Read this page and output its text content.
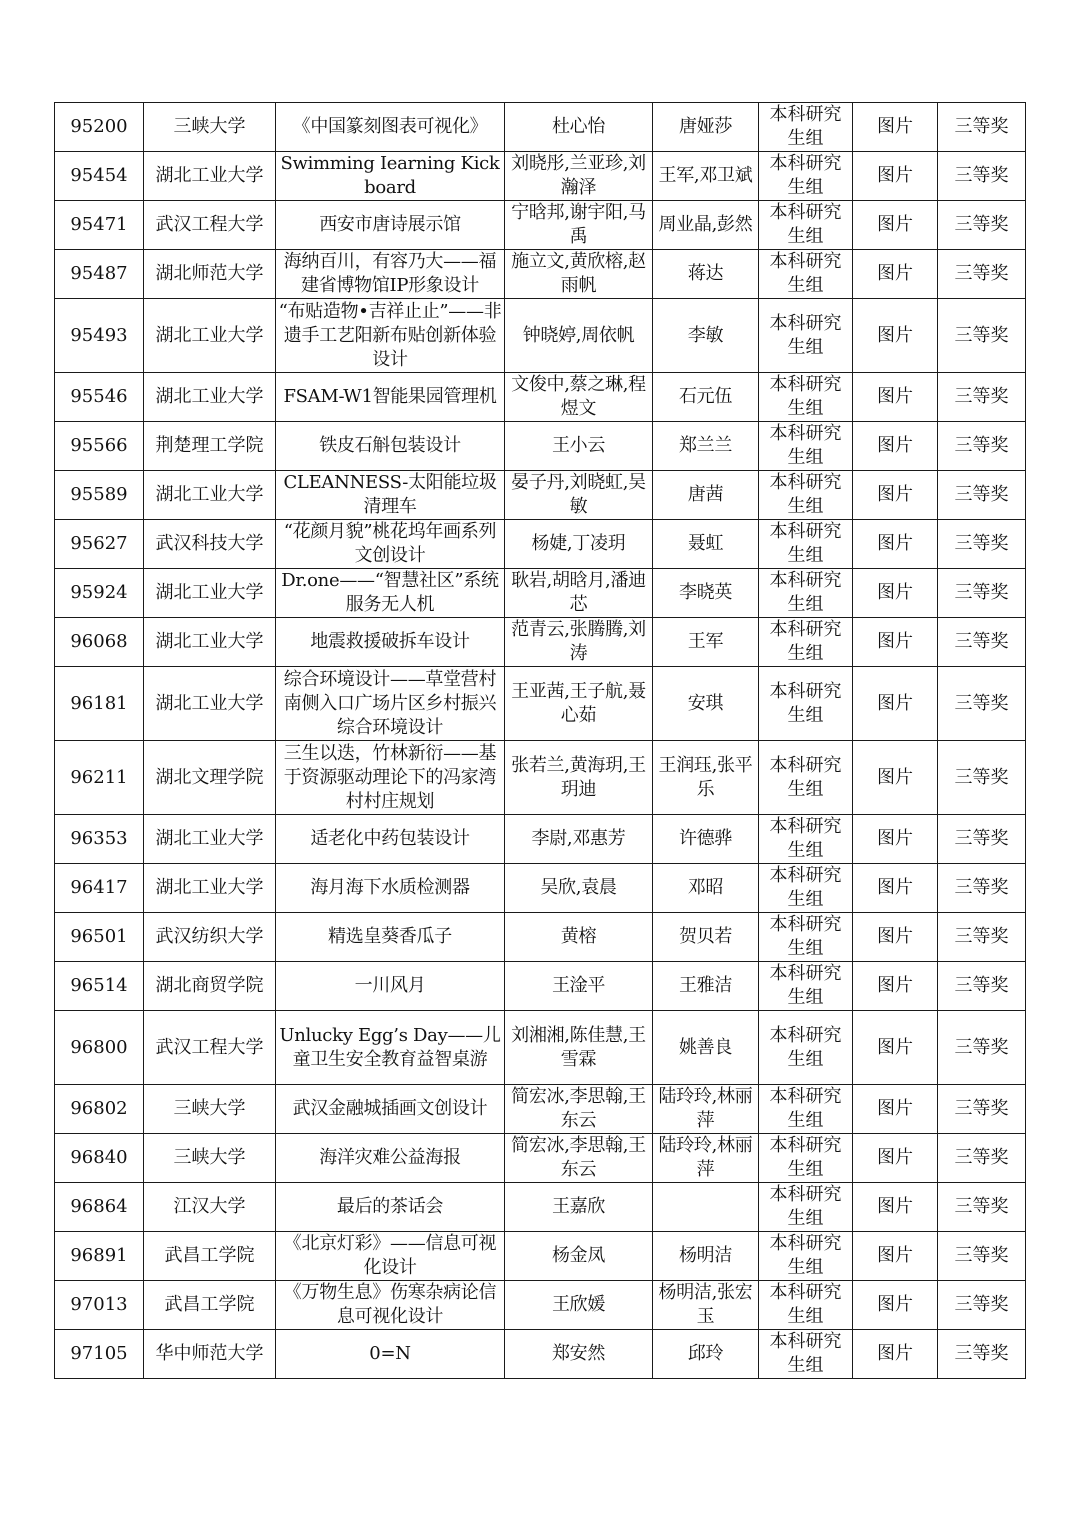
95200	三峡大学	《中国篆刻图表可视化》	杜心怡	唐娅莎	本科研究生组	图片	三等奖
95454	湖北工业大学	Swimming Iearning Kickboard	刘晓彤,兰亚珍,刘瀚泽	王军,邓卫斌	本科研究生组	图片	三等奖
95471	武汉工程大学	西安市唐诗展示馆	宁晗邦,谢宇阳,马禹	周业晶,彭然	本科研究生组	图片	三等奖
95487	湖北师范大学	海纳百川，有容乃大——福建省博物馆IP形象设计	施立文,黄欣榕,赵雨帆	蒋达	本科研究生组	图片	三等奖
95493	湖北工业大学	“布贴造物•吉祥止止”——非遗手工艺阳新布贴创新体验设计	钟晓婷,周依帆	李敏	本科研究生组	图片	三等奖
95546	湖北工业大学	FSAM-W1智能果园管理机	文俊中,蔡之琳,程煜文	石元伍	本科研究生组	图片	三等奖
95566	荆楚理工学院	铁皮石斛包装设计	王小云	郑兰兰	本科研究生组	图片	三等奖
95589	湖北工业大学	CLEANNESS-太阳能垃圾清理车	晏子丹,刘晓虹,吴敏	唐茜	本科研究生组	图片	三等奖
95627	武汉科技大学	“花颜月貌”桃花坞年画系列文创设计	杨婕,丁凌玥	聂虹	本科研究生组	图片	三等奖
95924	湖北工业大学	Dr.one——“智慧社区”系统服务无人机	耿岩,胡晗月,潘迪芯	李晓英	本科研究生组	图片	三等奖
96068	湖北工业大学	地震救援破拆车设计	范青云,张腾腾,刘涛	王军	本科研究生组	图片	三等奖
96181	湖北工业大学	综合环境设计——草堂营村南侧入口广场片区乡村振兴综合环境设计	王亚茜,王子航,聂心茹	安琪	本科研究生组	图片	三等奖
96211	湖北文理学院	三生以迭，竹林新衍——基于资源驱动理论下的冯家湾村村庄规划	张若兰,黄海玥,王玥迪	王润珏,张平乐	本科研究生组	图片	三等奖
96353	湖北工业大学	适老化中药包装设计	李尉,邓惠芳	许德骅	本科研究生组	图片	三等奖
96417	湖北工业大学	海月海下水质检测器	吴欣,袁晨	邓昭	本科研究生组	图片	三等奖
96501	武汉纺织大学	精选皇葵香瓜子	黄榕	贺贝若	本科研究生组	图片	三等奖
96514	湖北商贸学院	一川风月	王淦平	王雅洁	本科研究生组	图片	三等奖
96800	武汉工程大学	Unlucky Egg’s Day——儿童卫生安全教育益智桌游	刘湘湘,陈佳慧,王雪霖	姚善良	本科研究生组	图片	三等奖
96802	三峡大学	武汉金融城插画文创设计	简宏冰,李思翰,王东云	陆玲玲,林丽萍	本科研究生组	图片	三等奖
96840	三峡大学	海洋灾难公益海报	简宏冰,李思翰,王东云	陆玲玲,林丽萍	本科研究生组	图片	三等奖
96864	江汉大学	最后的茶话会	王嘉欣		本科研究生组	图片	三等奖
96891	武昌工学院	《北京灯彩》——信息可视化设计	杨金凤	杨明洁	本科研究生组	图片	三等奖
97013	武昌工学院	《万物生息》伤寒杂病论信息可视化设计	王欣媛	杨明洁,张宏玉	本科研究生组	图片	三等奖
97105	华中师范大学	0=N	郑安然	邱玲	本科研究生组	图片	三等奖
